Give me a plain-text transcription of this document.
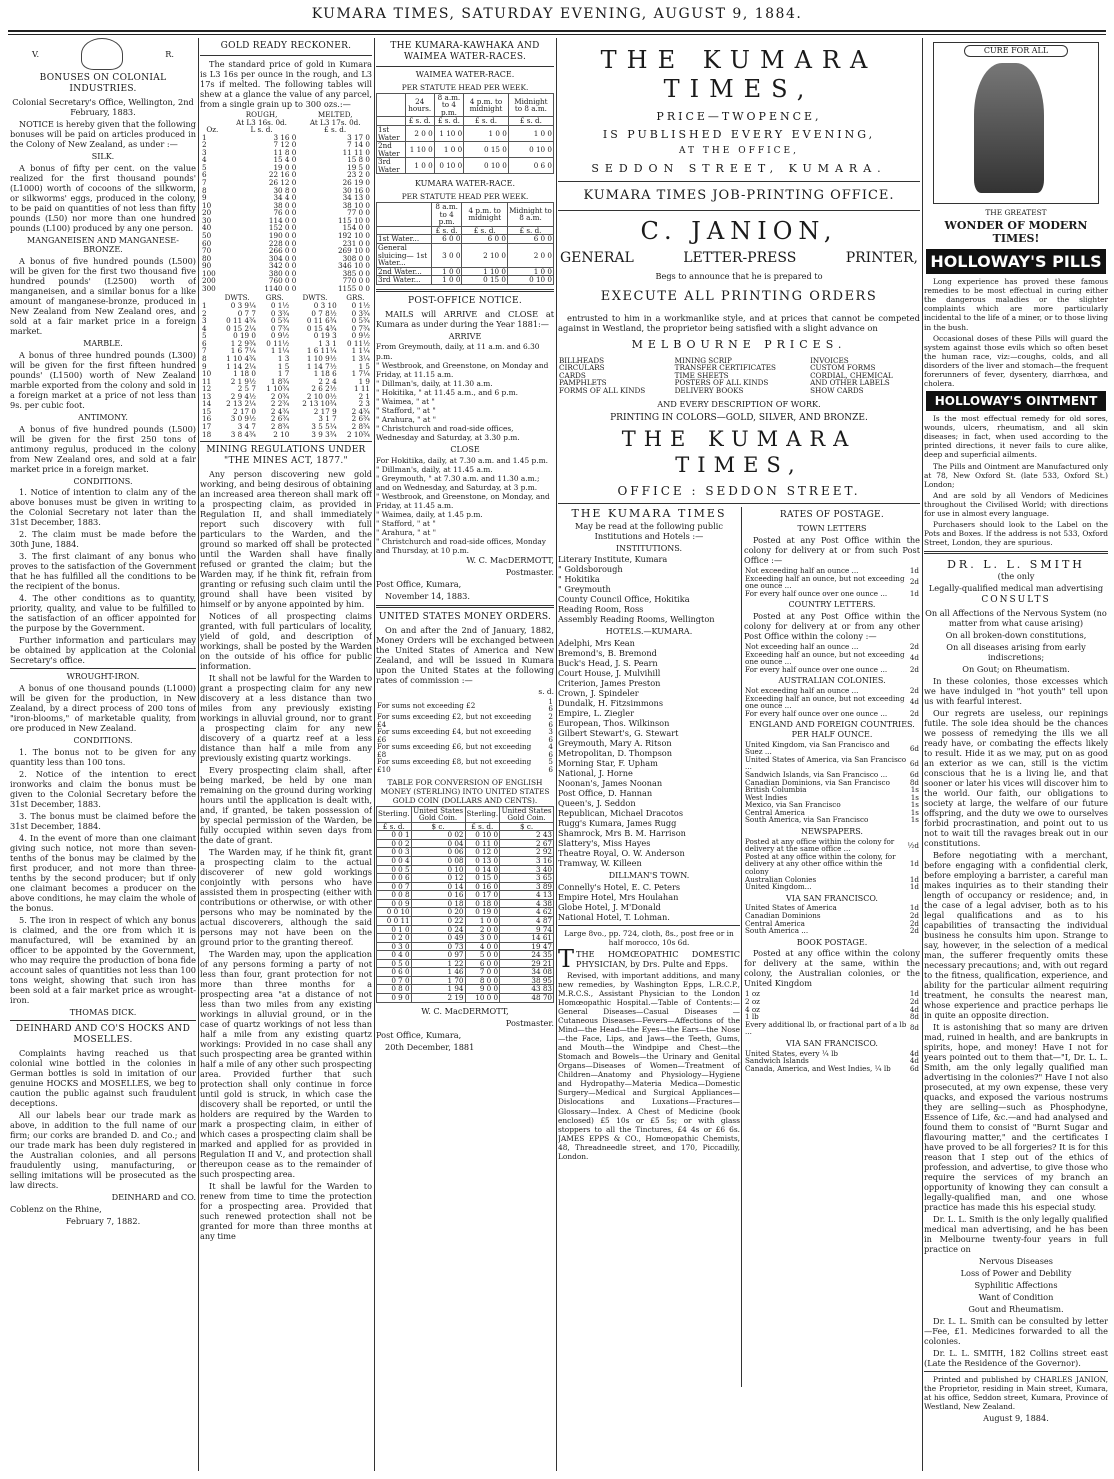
KUMARA TIMES, SATURDAY EVENING, AUGUST 9, 1884.
V.	R.
BONUSES ON COLONIAL INDUSTRIES.

Colonial Secretary's Office, Wellington, 2nd February, 1883.

NOTICE is hereby given that the following bonuses will be paid on articles produced in the Colony of New Zealand, as under :—

SILK.

A bonus of fifty per cent. on the value realized for the first thousand pounds' (L1000) worth of cocoons of the silkworm, or silkworms' eggs, produced in the colony, to be paid on quantities of not less than fifty pounds (L50) nor more than one hundred pounds (L100) produced by any one person.

MANGANEISEN AND MANGANESE-BRONZE.

A bonus of five hundred pounds (L500) will be given for the first two thousand five hundred pounds' (L2500) worth of manganeisen, and a similar bonus for a like amount of manganese-bronze, produced in New Zealand from New Zealand ores, and sold at a fair market price in a foreign market.

MARBLE.

A bonus of three hundred pounds (L300) will be given for the first fifteen hundred pounds' (L1500) worth of New Zealand marble exported from the colony and sold in a foreign market at a price of not less than 9s. per cubic foot.

ANTIMONY.

A bonus of five hundred pounds (L500) will be given for the first 250 tons of antimony regulus, produced in the colony from New Zealand ores, and sold at a fair market price in a foreign market.

CONDITIONS.

1. Notice of intention to claim any of the above bonuses must be given in writing to the Colonial Secretary not later than the 31st December, 1883.

2. The claim must be made before the 30th June, 1884.

3. The first claimant of any bonus who proves to the satisfaction of the Government that he has fulfilled all the conditions to be the recipient of the bonus.

4. The other conditions as to quantity, priority, quality, and value to be fulfilled to the satisfaction of an officer appointed for the purpose by the Government.

Further information and particulars may be obtained by application at the Colonial Secretary's office.

WROUGHT-IRON.

A bonus of one thousand pounds (L1000) will be given for the production, in New Zealand, by a direct process of 200 tons of "iron-blooms," of marketable quality, from ore produced in New Zealand.

CONDITIONS.

1. The bonus not to be given for any quantity less than 100 tons.

2. Notice of the intention to erect ironworks and claim the bonus must be given to the Colonial Secretary before the 31st December, 1883.

3. The bonus must be claimed before the 31st December, 1884.

4. In the event of more than one claimant giving such notice, not more than seven-tenths of the bonus may be claimed by the first producer, and not more than three-tenths by the second producer; but if only one claimant becomes a producer on the above conditions, he may claim the whole of the bonus.

5. The iron in respect of which any bonus is claimed, and the ore from which it is manufactured, will be examined by an officer to be appointed by the Government, who may require the production of bona fide account sales of quantities not less than 100 tons weight, showing that such iron has been sold at a fair market price as wrought-iron.

THOMAS DICK.

DEINHARD AND CO'S HOCKS AND MOSELLES.

Complaints having reached us that colonial wine bottled in the colonies in German bottles is sold in imitation of our genuine HOCKS and MOSELLES, we beg to caution the public against such fraudulent deceptions.

All our labels bear our trade mark as above, in addition to the full name of our firm; our corks are branded D. and Co.; and our trade mark has been duly registered in the Australian colonies, and all persons fraudulently using, manufacturing, or selling imitations will be prosecuted as the law directs.

DEINHARD and CO.

Coblenz on the Rhine,

February 7, 1882.

GOLD READY RECKONER.

The standard price of gold in Kumara is L3 16s per ounce in the rough, and L3 17s if melted. The following tables will shew at a glance the value of any parcel, from a single grain up to 300 ozs.:—

	ROUGH,
At L3 16s. 0d.	MELTED,
At L3 17s. 0d.
Oz.	L s. d.	£ s. d.
1	3 16 0	3 17 0
2	7 12 0	7 14 0
3	11 8 0	11 11 0
4	15 4 0	15 8 0
5	19 0 0	19 5 0
6	22 16 0	23 2 0
7	26 12 0	26 19 0
8	30 8 0	30 16 0
9	34 4 0	34 13 0
10	38 0 0	38 10 0
20	76 0 0	77 0 0
30	114 0 0	115 10 0
40	152 0 0	154 0 0
50	190 0 0	192 10 0
60	228 0 0	231 0 0
70	266 0 0	269 10 0
80	304 0 0	308 0 0
90	342 0 0	346 10 0
100	380 0 0	385 0 0
200	760 0 0	770 0 0
300	1140 0 0	1155 0 0
	DWTS.	GRS.	DWTS.	GRS.
1	0 3 9¼	0 1½	0 3 10	0 1½
2	0 7 7	0 3¾	0 7 8½	0 3¾
3	0 11 4¾	0 5¾	0 11 6¾	0 5¾
4	0 15 2¼	0 7¾	0 15 4¾	0 7¾
5	0 19 0	0 9½	0 19 3	0 9½
6	1 2 9¾	0 11½	1 3 1	0 11½
7	1 6 7¼	1 1¼	1 6 11¼	1 1¼
8	1 10 4¾	1 3	1 10 9½	1 3¼
9	1 14 2¼	1 5	1 14 7½	1 5
10	1 18 0	1 7	1 18 6	1 7¼
11	2 1 9½	1 8¾	2 2 4	1 9
12	2 5 7	1 10¾	2 6 2½	1 11
13	2 9 4½	2 0¾	2 10 0½	2 1
14	2 13 2¼	2 2¾	2 13 10¾	2 3
15	2 17 0	2 4¾	2 17 9	2 4¾
16	3 0 9½	2 6¾	3 1 7	2 6¾
17	3 4 7	2 8¾	3 5 5¼	2 8¾
18	3 8 4¾	2 10	3 9 3¾	2 10¾
MINING REGULATIONS UNDER "THE MINES ACT, 1877."

Any person discovering new gold working, and being desirous of obtaining an increased area thereon shall mark off a prospecting claim, as provided in Regulation II, and shall immediately report such discovery with full particulars to the Warden, and the ground so marked off shall be protected until the Warden shall have finally refused or granted the claim; but the Warden may, if he think fit, refrain from granting or refusing such claim until the ground shall have been visited by himself or by anyone appointed by him.

Notices of all prospecting claims granted, with full particulars of locality, yield of gold, and description of workings, shall be posted by the Warden on the outside of his office for public information.

It shall not be lawful for the Warden to grant a prospecting claim for any new discovery at a less distance than two miles from any previously existing workings in alluvial ground, nor to grant a prospecting claim for any new discovery of a quartz reef at a less distance than half a mile from any previously existing quartz workings.

Every prospecting claim shall, after being marked, be held by one man remaining on the ground during working hours until the application is dealt with, and, if granted, be taken possession of by special permission of the Warden, be fully occupied within seven days from the date of grant.

The Warden may, if he think fit, grant a prospecting claim to the actual discoverer of new gold workings conjointly with persons who have assisted them in prospecting (either with contributions or otherwise, or with other persons who may be nominated by the actual discoverers, although the said persons may not have been on the ground prior to the granting thereof.

The Warden may, upon the application of any persons forming a party of not less than four, grant protection for not more than three months for a prospecting area "at a distance of not less than two miles from any existing workings in alluvial ground, or in the case of quartz workings of not less than half a mile from any existing quartz workings: Provided in no case shall any such prospecting area be granted within half a mile of any other such prospecting area. Provided further that such protection shall only continue in force until gold is struck, in which case the discovery shall be reported, or until the holders are required by the Warden to mark a prospecting claim, in either of which cases a prospecting claim shall be marked and applied for as provided in Regulation II and V., and protection shall thereupon cease as to the remainder of such prospecting area.

It shall be lawful for the Warden to renew from time to time the protection for a prospecting area. Provided that such renewed protection shall not be granted for more than three months at any time

THE KUMARA-KAWHAKA AND WAIMEA WATER-RACES.
WAIMEA WATER-RACE.
PER STATUTE HEAD PER WEEK.
	24 hours.	8 a.m. to 4 p.m.	4 p.m. to midnight	Midnight to 8 a.m.
	£ s. d.	£ s. d.	£ s. d.	£ s. d.
1st Water	2 0 0	1 10 0	1 0 0	1 0 0
2nd Water	1 10 0	1 0 0	0 15 0	0 10 0
3rd Water	1 0 0	0 10 0	0 10 0	0 6 0
KUMARA WATER-RACE.
PER STATUTE HEAD PER WEEK.
	8 a.m. to 4 p.m.	4 p.m. to midnight	Midnight to 8 a.m.
	£ s. d.	£ s. d.	£ s. d.
1st Water...	6 0 0	6 0 0	6 0 0
General sluicing— 1st Water...	3 0 0	2 10 0	2 0 0
2nd Water...	1 0 0	1 10 0	1 0 0
3rd Water...	1 0 0	0 15 0	0 10 0
POST-OFFICE NOTICE.

MAILS will ARRIVE and CLOSE at Kumara as under during the Year 1881:—

ARRIVE
From Greymouth, daily, at 11 a.m. and 6.30 p.m.
" Westbrook, and Greenstone, on Monday and Friday, at 11.15 a.m.
" Dillman's, daily, at 11.30 a.m.
" Hokitika, " at 11.45 a.m., and 6 p.m.
" Waimea, " at "
" Stafford, " at "
" Arahura, " at "
" Christchurch and road-side offices, Wednesday and Saturday, at 3.30 p.m.
CLOSE
For Hokitika, daily, at 7.30 a.m. and 1.45 p.m.
" Dillman's, daily, at 11.45 a.m.
" Greymouth, " at 7.30 a.m. and 11.30 a.m.; and on Wednesday, and Saturday, at 3 p.m.
" Westbrook, and Greenstone, on Monday, and Friday, at 11.45 a.m.
" Waimea, daily, at 1.45 p.m.
" Stafford, " at "
" Arahura, " at "
" Christchurch and road-side offices, Monday and Thursday, at 10 p.m.

W. C. MacDERMOTT,

Postmaster.

Post Office, Kumara,

November 14, 1883.

UNITED STATES MONEY ORDERS.

On and after the 2nd of January, 1882, Money Orders will be exchanged between the United States of America and New Zealand, and will be issued in Kumara upon the United States at the following rates of commission :—

s. d.

For sums not exceeding £2	1 6
For sums exceeding £2, but not exceeding £4	2 6
For sums exceeding £4, but not exceeding £6	3 6
For sums exceeding £6, but not exceeding £8	4 6
For sums exceeding £8, but not exceeding £10	5 6
TABLE FOR CONVERSION OF ENGLISH MONEY (STERLING) INTO UNITED STATES GOLD COIN (DOLLARS AND CENTS).
Sterling.	United States Gold Coin.	Sterling.	United States Gold Coin.
£ s. d.	$ c.	£ s. d.	$ c.
0 0 1	0 02	0 10 0	2 43
0 0 2	0 04	0 11 0	2 67
0 0 3	0 06	0 12 0	2 92
0 0 4	0 08	0 13 0	3 16
0 0 5	0 10	0 14 0	3 40
0 0 6	0 12	0 15 0	3 65
0 0 7	0 14	0 16 0	3 89
0 0 8	0 16	0 17 0	4 13
0 0 9	0 18	0 18 0	4 38
0 0 10	0 20	0 19 0	4 62
0 0 11	0 22	1 0 0	4 87
0 1 0	0 24	2 0 0	9 74
0 2 0	0 49	3 0 0	14 61
0 3 0	0 73	4 0 0	19 47
0 4 0	0 97	5 0 0	24 35
0 5 0	1 22	6 0 0	29 21
0 6 0	1 46	7 0 0	34 08
0 7 0	1 70	8 0 0	38 95
0 8 0	1 94	9 0 0	43 83
0 9 0	2 19	10 0 0	48 70

W. C. MacDERMOTT,

Postmaster.

Post Office, Kumara,

20th December, 1881

THE KUMARA TIMES,
PRICE—TWOPENCE,
IS PUBLISHED EVERY EVENING,
AT THE OFFICE,
SEDDON STREET, KUMARA.
KUMARA TIMES JOB-PRINTING OFFICE.
C. JANION,
GENERAL	LETTER-PRESS	PRINTER,

Begs to announce that he is prepared to

EXECUTE ALL PRINTING ORDERS

entrusted to him in a workmanlike style, and at prices that cannot be competed against in Westland, the proprietor being satisfied with a slight advance on

MELBOURNE PRICES.
BILLHEADS	MINING SCRIP	INVOICES
CIRCULARS	TRANSFER CERTIFICATES	CUSTOM FORMS
CARDS	TIME SHEETS	CORDIAL, CHEMICAL
PAMPHLETS	POSTERS OF ALL KINDS	AND OTHER LABELS
FORMS OF ALL KINDS	DELIVERY BOOKS	SHOW CARDS

AND EVERY DESCRIPTION OF WORK.

PRINTING IN COLORS—GOLD, SILVER, AND BRONZE.

THE KUMARA TIMES,
OFFICE : SEDDON STREET.
THE KUMARA TIMES

May be read at the following public Institutions and Hotels :—

INSTITUTIONS.
Literary Institute, Kumara
" Goldsborough
" Hokitika
" Greymouth
County Council Office, Hokitika
Reading Room, Ross
Assembly Reading Rooms, Wellington
HOTELS.—KUMARA.
Adelphi, Mrs Kean
Bremond's, B. Bremond
Buck's Head, J. S. Pearn
Court House, J. Mulvihill
Criterion, James Preston
Crown, J. Spindeler
Dundalk, H. Fitzsimmons
Empire, L. Ziegler
European, Thos. Wilkinson
Gilbert Stewart's, G. Stewart
Greymouth, Mary A. Ritson
Metropolitan, D. Thompson
Morning Star, F. Upham
National, J. Horne
Noonan's, James Noonan
Post Office, D. Hannan
Queen's, J. Seddon
Republican, Michael Dracotos
Rugg's Kumara, James Rugg
Shamrock, Mrs B. M. Harrison
Slattery's, Miss Hayes
Theatre Royal, O. W. Anderson
Tramway, W. Killeen
DILLMAN'S TOWN.
Connelly's Hotel, E. C. Peters
Empire Hotel, Mrs Houlahan
Globe Hotel, J. M'Donald
National Hotel, T. Lohman.

Large 8vo., pp. 724, cloth, 8s., post free or in half morocco, 10s 6d.

TTHE HOMŒOPATHIC DOMESTIC PHYSICIAN, by Drs. Pulte and Epps.

Revised, with important additions, and many new remedies, by Washington Epps, L.R.C.P., M.R.C.S., Assistant Physician to the London Homœopathic Hospital.—Table of Contents:—General Diseases—Casual Diseases — Cutaneous Diseases—Fevers—Affections of the Mind—the Head—the Eyes—the Ears—the Nose—the Face, Lips, and Jaws—the Teeth, Gums, and Mouth—the Windpipe and Chest—the Stomach and Bowels—the Urinary and Genital Organs—Diseases of Women—Treatment of Children—Anatomy and Physiology—Hygiene and Hydropathy—Materia Medica—Domestic Surgery—Medical and Surgical Appliances—Dislocations and Luxations—Fractures—Glossary—Index. A Chest of Medicine (book enclosed) £5 10s or £5 5s; or with glass stoppers to all the Tinctures, £4 4s or £6 6s. JAMES EPPS & CO., Homœopathic Chemists, 48, Threadneedle street, and 170, Piccadilly, London.

RATES OF POSTAGE.
TOWN LETTERS

Posted at any Post Office within the colony for delivery at or from such Post Office :—

Not exceeding half an ounce ...	1d
Exceeding half an ounce, but not exceeding one ounce ...	2d
For every half ounce over one ounce ...	1d
COUNTRY LETTERS.

Posted at any Post Office within the colony for delivery at or from any other Post Office within the colony :—

Not exceeding half an ounce ...	2d
Exceeding half an ounce, but not exceeding one ounce ...	4d
For every half ounce over one ounce ...	2d
AUSTRALIAN COLONIES.
Not exceeding half an ounce ...	2d
Exceeding half an ounce, but not exceeding one ounce ...	4d
For every half ounce over one ounce ...	2d
ENGLAND AND FOREIGN COUNTRIES. PER HALF OUNCE.
United Kingdom, via San Francisco and Suez ...	6d
United States of America, via San Francisco ...	6d
Sandwich Islands, via San Francisco ...	6d
Canadian Dominions, via San Francisco	8d
British Columbia	1s
West Indies	1s
Mexico, via San Francisco	1s
Central America	1s
South America, via San Francisco	1s
NEWSPAPERS.
Posted at any office within the colony for delivery at the same office ...	½d
Posted at any office within the colony, for delivery at any other office within the colony	1d
Australian Colonies	1d
United Kingdom...	1d
VIA SAN FRANCISCO.
United States of America	1d
Canadian Dominions	2d
Central America	2d
South America ...	2d
BOOK POSTAGE.

Posted at any office within the colony for delivery at the same, within the colony, the Australian colonies, or the United Kingdom

1 oz	1d
2 oz	2d
4 oz	4d
1 lb	8d
Every additional lb, or fractional part of a lb ...	8d
VIA SAN FRANCISCO.
United States, every ¼ lb	4d
Sandwich Islands	4d
Canada, America, and West Indies, ¼ lb	6d
CURE FOR ALL

THE GREATEST

WONDER OF MODERN TIMES!
HOLLOWAY'S PILLS

Long experience has proved these famous remedies to be most effectual in curing either the dangerous maladies or the slighter complaints which are more particularly incidental to the life of a miner, or to those living in the bush.

Occasional doses of these Pills will guard the system against those evils which so often beset the human race, viz:—coughs, colds, and all disorders of the liver and stomach—the frequent forerunners of fever, dysentery, diarrhœa, and cholera.

HOLLOWAY'S OINTMENT

Is the most effectual remedy for old sores, wounds, ulcers, rheumatism, and all skin diseases; in fact, when used according to the printed directions, it never fails to cure alike, deep and superficial ailments.

The Pills and Ointment are Manufactured only at 78, New Oxford St. (late 533, Oxford St.) London;

And are sold by all Vendors of Medicines throughout the Civilised World; with directions for use in almost every language.

Purchasers should look to the Label on the Pots and Boxes. If the address is not 533, Oxford Street, London, they are spurious.

DR. L. L. SMITH

(the only

Legally-qualified medical man advertising

CONSULTS

On all Affections of the Nervous System (no matter from what cause arising)
On all broken-down constitutions,
On all diseases arising from early indiscretions;
On Gout; on Rheumatism.

In these colonies, those excesses which we have indulged in "hot youth" tell upon us with fearful interest.

Our regrets are useless, our repinings futile. The sole idea should be the chances we possess of remedying the ills we all ready have, or combating the effects likely to result. Hide it as we may, put on as good an exterior as we can, still is the victim conscious that he is a living lie, and that sooner or later his vices will discover him to the world. Our faith, our obligations to society at large, the welfare of our future offspring, and the duty we owe to ourselves forbid procrastination, and point out to us not to wait till the ravages break out in our constitutions.

Before negotiating with a merchant, before engaging with a confidential clerk, before employing a barrister, a careful man makes inquiries as to their standing their length of occupancy or residence; and, in the case of a legal adviser, both as to his legal qualifications and as to his capabilities of transacting the individual business he consults him upon. Strange to say, however, in the selection of a medical man, the sufferer frequently omits these necessary precautions; and, with out regard to the fitness, qualification, experience, and ability for the particular ailment requiring treatment, he consults the nearest man, whose experience and practice perhaps lie in quite an opposite direction.

It is astonishing that so many are driven mad, ruined in health, and are bankrupts in spirits, hope, and money! Have I not for years pointed out to them that—"I, Dr. L. L. Smith, am the only legally qualified man advertising in the colonies?" Have I not also prosecuted, at my own expense, these very quacks, and exposed the various nostrums they are selling—such as Phosphodyne, Essence of Life, &c.—and had analysed and found them to consist of "Burnt Sugar and flavouring matter," and the certificates I have proved to be all forgeries? It is for this reason that I step out of the ethics of profession, and advertise, to give those who require the services of my branch an opportunity of knowing they can consult a legally-qualified man, and one whose practice has made this his especial study.

Dr. L. L. Smith is the only legally qualified medical man advertising, and he has been in Melbourne twenty-four years in full practice on

Nervous Diseases
Loss of Power and Debility
Syphilitic Affections
Want of Condition
Gout and Rheumatism.

Dr. L. L. Smith can be consulted by letter—Fee, £1. Medicines forwarded to all the colonies.

Dr. L. L. SMITH, 182 Collins street east (Late the Residence of the Governor).

Printed and published by CHARLES JANION, the Proprietor, residing in Main street, Kumara, at his office, Seddon street, Kumara, Province of Westland, New Zealand.

August 9, 1884.
